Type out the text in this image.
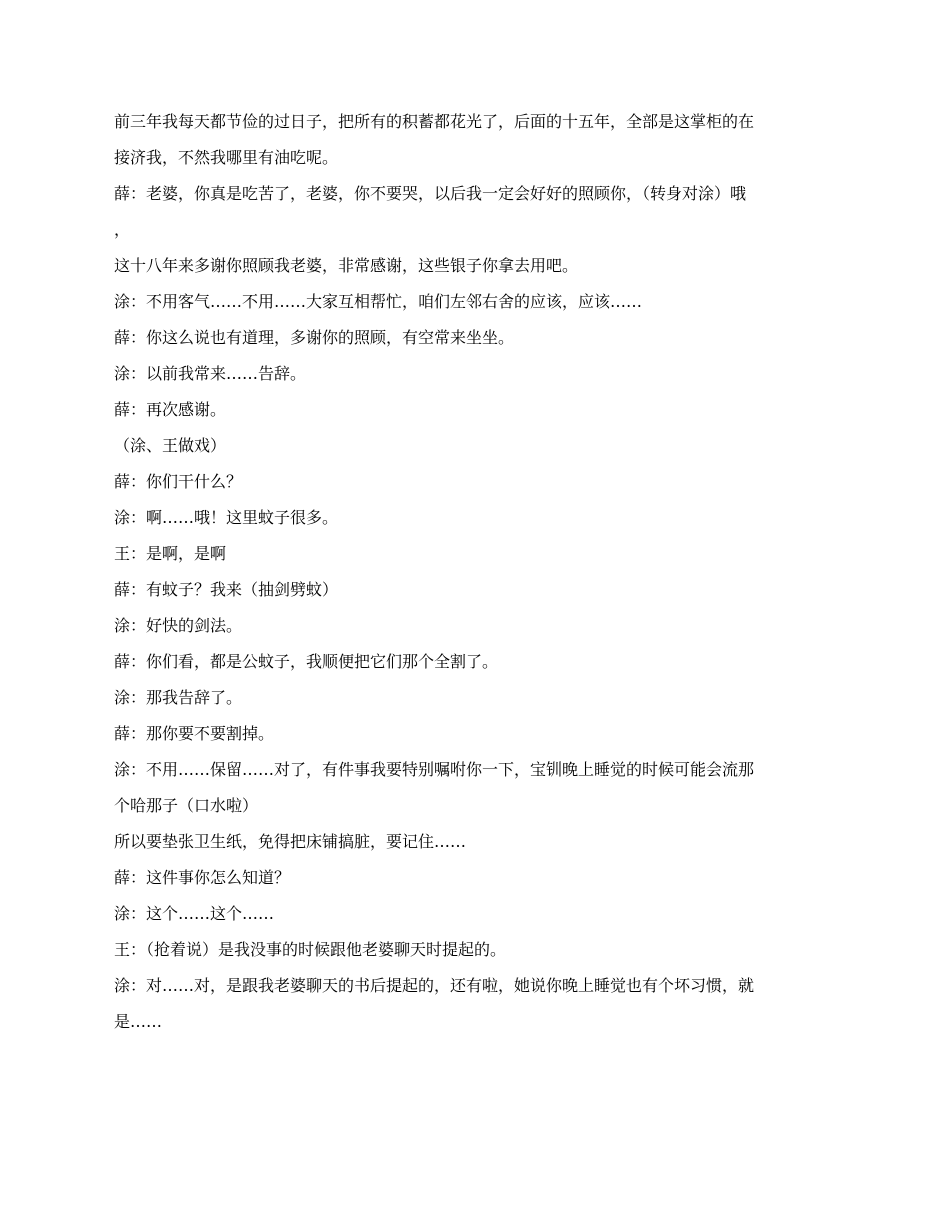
前三年我每天都节俭的过日子，把所有的积蓄都花光了，后面的十五年，全部是这掌柜的在

接济我，不然我哪里有油吃呢。

薛：老婆，你真是吃苦了，老婆，你不要哭，以后我一定会好好的照顾你，（转身对涂）哦

，

这十八年来多谢你照顾我老婆，非常感谢，这些银子你拿去用吧。

涂：不用客气……不用……大家互相帮忙，咱们左邻右舍的应该，应该……

薛：你这么说也有道理，多谢你的照顾，有空常来坐坐。

涂：以前我常来……告辞。

薛：再次感谢。

（涂、王做戏）

薛：你们干什么？

涂：啊……哦！这里蚊子很多。

王：是啊，是啊

薛：有蚊子？我来（抽剑劈蚊）

涂：好快的剑法。

薛：你们看，都是公蚊子，我顺便把它们那个全割了。

涂：那我告辞了。

薛：那你要不要割掉。

涂：不用……保留……对了，有件事我要特别嘱咐你一下，宝钏晚上睡觉的时候可能会流那

个哈那子（口水啦）

所以要垫张卫生纸，免得把床铺搞脏，要记住……

薛：这件事你怎么知道？

涂：这个……这个……

王：（抢着说）是我没事的时候跟他老婆聊天时提起的。

涂：对……对，是跟我老婆聊天的书后提起的，还有啦，她说你晚上睡觉也有个坏习惯，就

是……
